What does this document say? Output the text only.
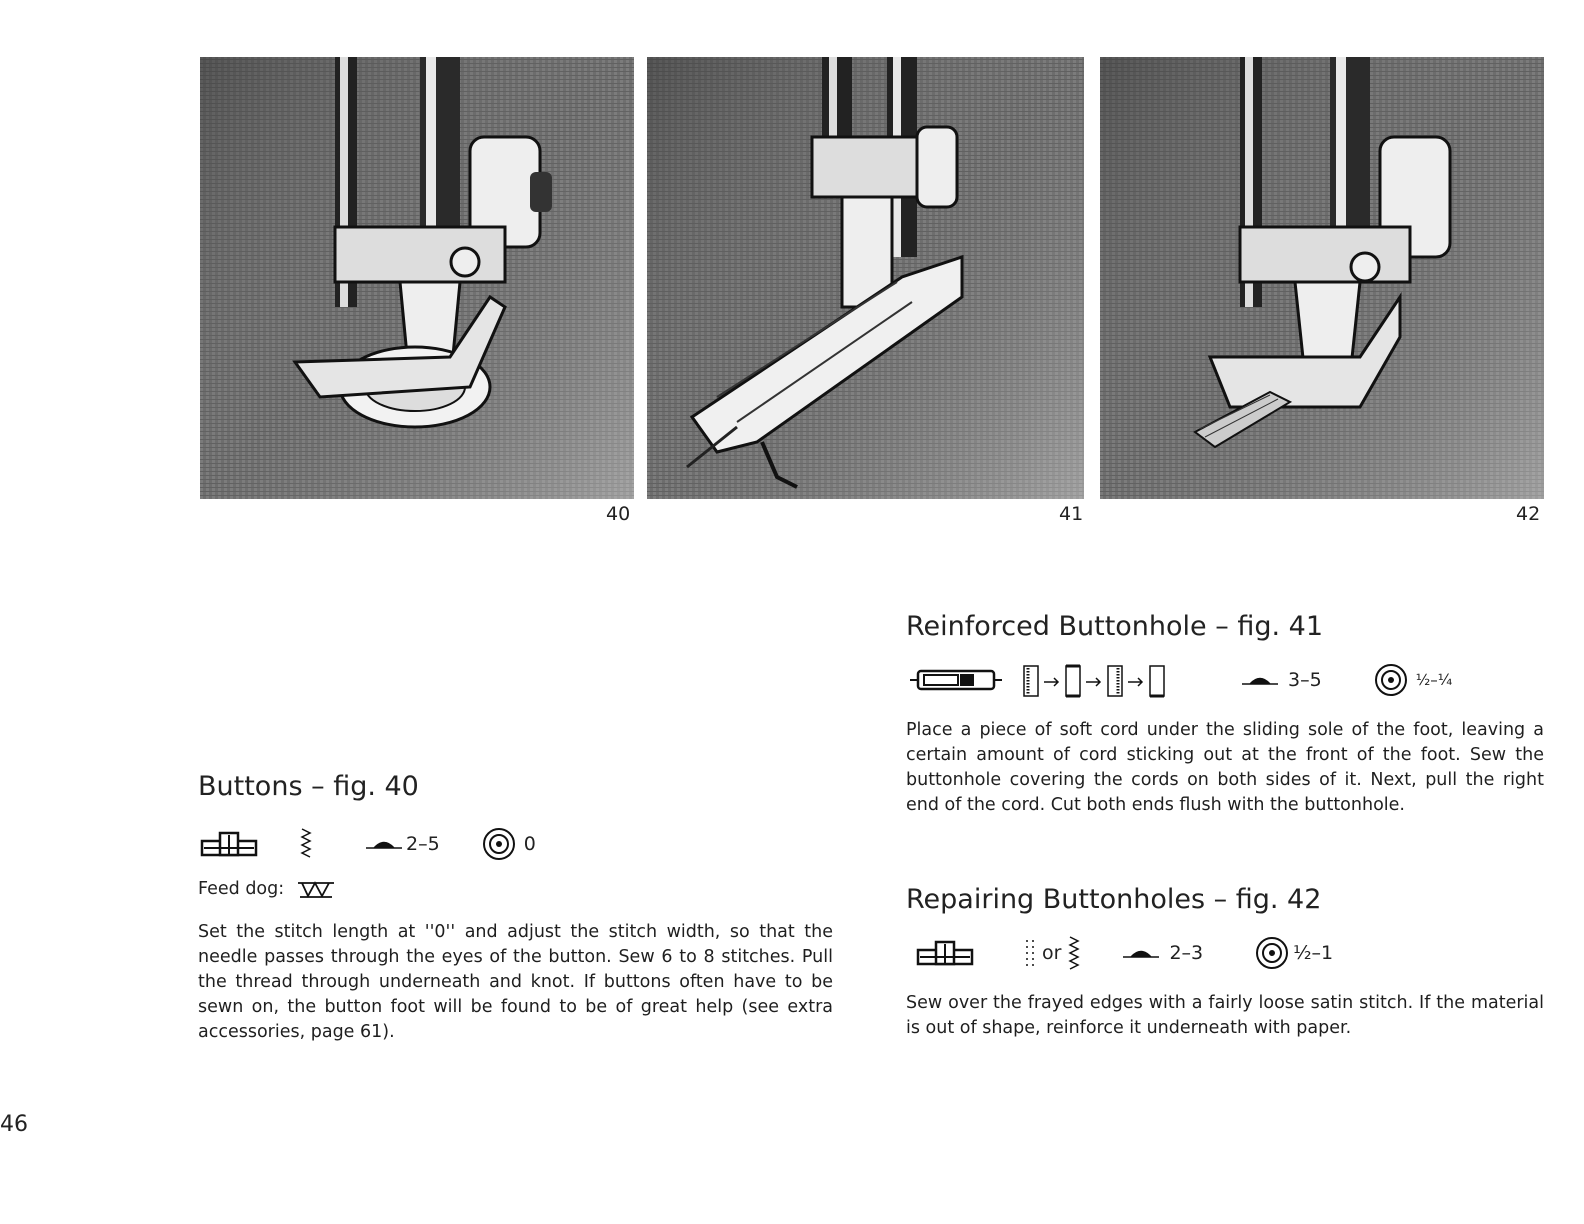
40	41	42
Buttons – fig. 40
2–5	0
Feed dog:

Set the stitch length at ''0'' and adjust the stitch width, so that the needle passes through the eyes of the button. Sew 6 to 8 stitches. Pull the thread through underneath and knot. If buttons often have to be sewn on, the button foot will be found to be of great help (see extra accessories, page 61).

Reinforced Buttonhole – fig. 41
3–5	½–¼

Place a piece of soft cord under the sliding sole of the foot, leaving a certain amount of cord sticking out at the front of the foot. Sew the buttonhole covering the cords on both sides of it. Next, pull the right end of the cord. Cut both ends flush with the buttonhole.

Repairing Buttonholes – fig. 42
or	2–3	½–1

Sew over the frayed edges with a fairly loose satin stitch. If the material is out of shape, reinforce it underneath with paper.

46
